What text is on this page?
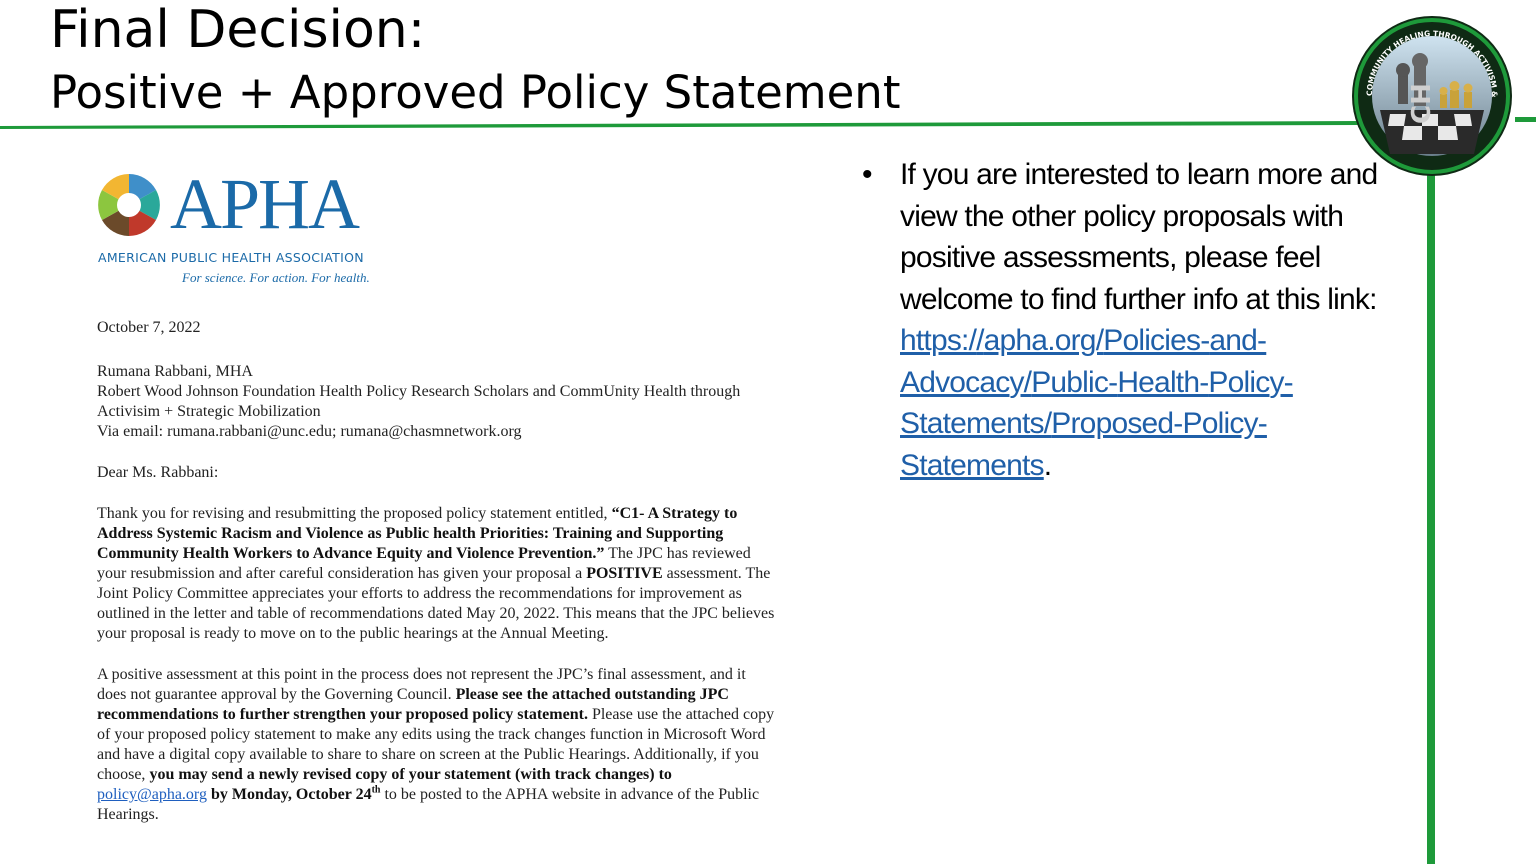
Final Decision:
Positive + Approved Policy Statement	CH
COMMUNITY HEALING THROUGH ACTIVISM &
APHA
AMERICAN PUBLIC HEALTH ASSOCIATION
For science. For action. For health.
October 7, 2022
Rumana Rabbani, MHA
Robert Wood Johnson Foundation Health Policy Research Scholars and CommUnity Health through
Activisim + Strategic Mobilization
Via email: rumana.rabbani@unc.edu; rumana@chasmnetwork.org
Dear Ms. Rabbani:
Thank you for revising and resubmitting the proposed policy statement entitled, “C1- A Strategy to
Address Systemic Racism and Violence as Public health Priorities: Training and Supporting
Community Health Workers to Advance Equity and Violence Prevention.” The JPC has reviewed
your resubmission and after careful consideration has given your proposal a POSITIVE assessment. The
Joint Policy Committee appreciates your efforts to address the recommendations for improvement as
outlined in the letter and table of recommendations dated May 20, 2022. This means that the JPC believes
your proposal is ready to move on to the public hearings at the Annual Meeting.
A positive assessment at this point in the process does not represent the JPC’s final assessment, and it
does not guarantee approval by the Governing Council. Please see the attached outstanding JPC
recommendations to further strengthen your proposed policy statement. Please use the attached copy
of your proposed policy statement to make any edits using the track changes function in Microsoft Word
and have a digital copy available to share to share on screen at the Public Hearings. Additionally, if you
choose, you may send a newly revised copy of your statement (with track changes) to
policy@apha.org by Monday, October 24th to be posted to the APHA website in advance of the Public
Hearings.
• If you are interested to learn more and view the other policy proposals with positive assessments, please feel welcome to find further info at this link: https://apha.org/Policies-and-Advocacy/Public-Health-Policy-Statements/Proposed-Policy-Statements.
